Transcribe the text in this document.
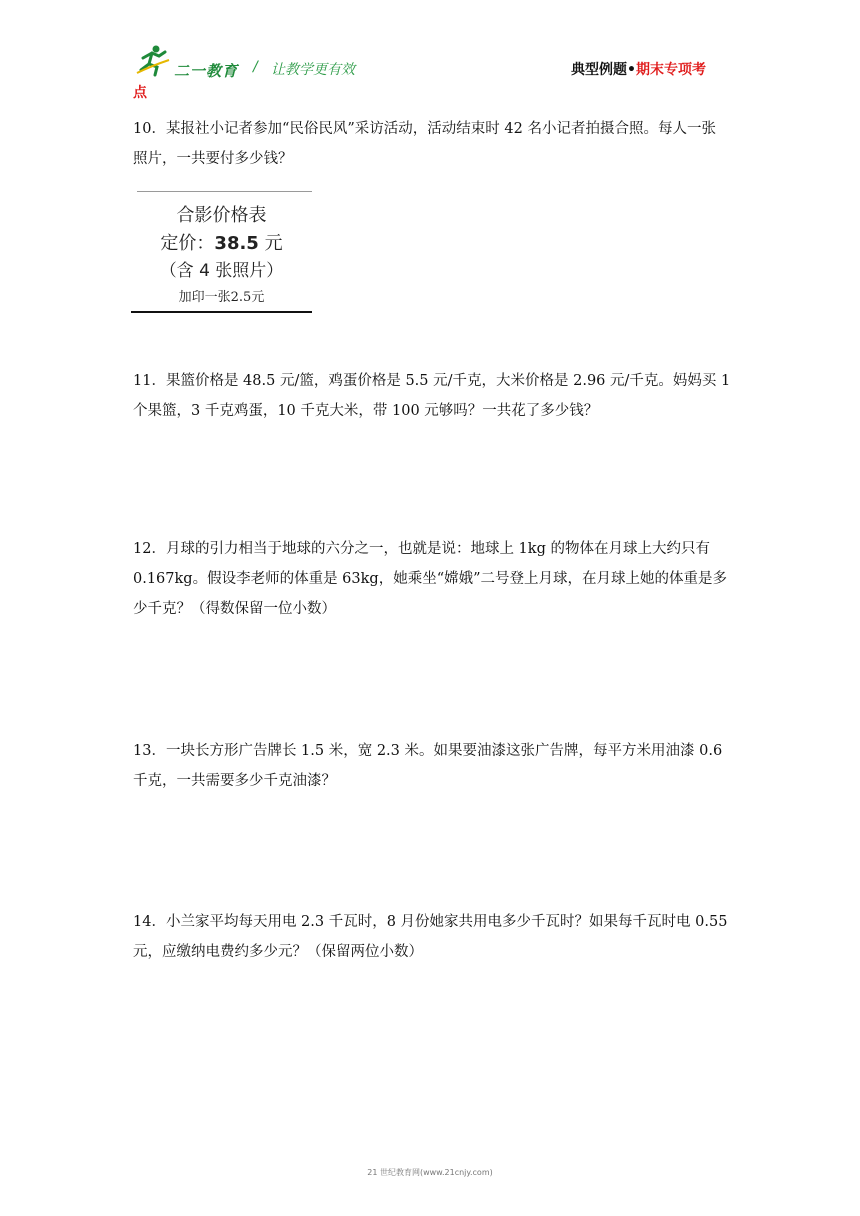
二一教育 / 让教学更有效	典型例题•期末专项考
点

10．某报社小记者参加“民俗民风”采访活动，活动结束时 42 名小记者拍摄合照。每人一张

照片，一共要付多少钱？

合影价格表
定价：38.5 元
（含 4 张照片）
加印一张2.5元

11．果篮价格是 48.5 元/篮，鸡蛋价格是 5.5 元/千克，大米价格是 2.96 元/千克。妈妈买 1

个果篮，3 千克鸡蛋，10 千克大米，带 100 元够吗？一共花了多少钱？

12．月球的引力相当于地球的六分之一，也就是说：地球上 1kg 的物体在月球上大约只有

0.167kg。假设李老师的体重是 63kg，她乘坐“嫦娥”二号登上月球，在月球上她的体重是多

少千克？（得数保留一位小数）

13．一块长方形广告牌长 1.5 米，宽 2.3 米。如果要油漆这张广告牌，每平方米用油漆 0.6

千克，一共需要多少千克油漆？

14．小兰家平均每天用电 2.3 千瓦时，8 月份她家共用电多少千瓦时？如果每千瓦时电 0.55

元，应缴纳电费约多少元？（保留两位小数）

21 世纪教育网(www.21cnjy.com)
